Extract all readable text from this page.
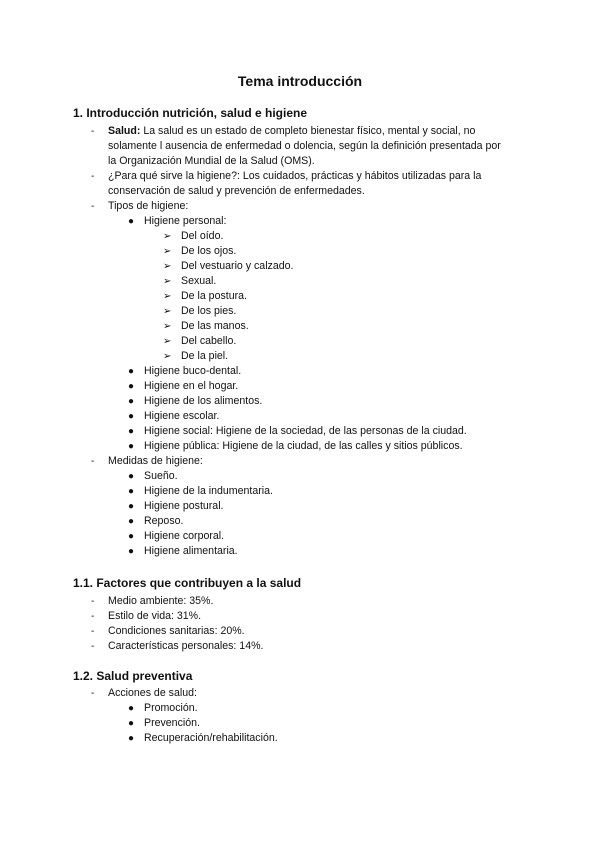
Tema introducción
1. Introducción nutrición, salud e higiene
- Salud: La salud es un estado de completo bienestar físico, mental y social, no
solamente l ausencia de enfermedad o dolencia, según la definición presentada por
la Organización Mundial de la Salud (OMS).
- ¿Para qué sirve la higiene?: Los cuidados, prácticas y hábitos utilizadas para la
conservación de salud y prevención de enfermedades.
- Tipos de higiene:
● Higiene personal:
➢ Del oído.
➢ De los ojos.
➢ Del vestuario y calzado.
➢ Sexual.
➢ De la postura.
➢ De los pies.
➢ De las manos.
➢ Del cabello.
➢ De la piel.
● Higiene buco-dental.
● Higiene en el hogar.
● Higiene de los alimentos.
● Higiene escolar.
● Higiene social: Higiene de la sociedad, de las personas de la ciudad.
● Higiene pública: Higiene de la ciudad, de las calles y sitios públicos.
- Medidas de higiene:
● Sueño.
● Higiene de la indumentaria.
● Higiene postural.
● Reposo.
● Higiene corporal.
● Higiene alimentaria.
1.1. Factores que contribuyen a la salud
- Medio ambiente: 35%.
- Estilo de vida: 31%.
- Condiciones sanitarias: 20%.
- Características personales: 14%.
1.2. Salud preventiva
- Acciones de salud:
● Promoción.
● Prevención.
● Recuperación/rehabilitación.
